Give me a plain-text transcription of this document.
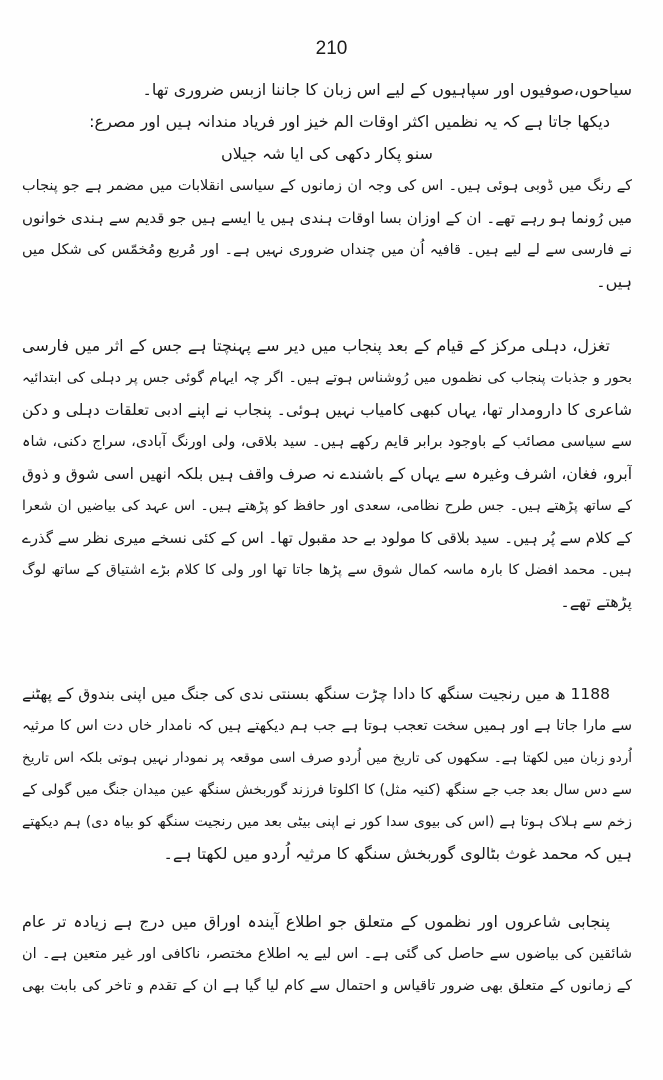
210
سیاحوں،صوفیوں اور سپاہیوں کے لیے اس زبان کا جاننا ازبس ضروری تھا۔
دیکھا جاتا ہے کہ یہ نظمیں اکثر اوقات الم خیز اور فریاد مندانہ ہیں اور مصرع:
سنو پکار دکھی کی ایا شہ جیلاں
کے رنگ میں ڈوبی ہوئی ہیں۔ اس کی وجہ ان زمانوں کے سیاسی انقلابات میں مضمر ہے جو پنجاب
میں رُونما ہو رہے تھے۔ ان کے اوزان بسا اوقات ہندی ہیں یا ایسے ہیں جو قدیم سے ہندی خوانوں
نے فارسی سے لے لیے ہیں۔ قافیہ اُن میں چنداں ضروری نہیں ہے۔ اور مُربع ومُخمّس کی شکل میں
ہیں۔
تغزل، دہلی مرکز کے قیام کے بعد پنجاب میں دیر سے پہنچتا ہے جس کے اثر میں فارسی
بحور و جذبات پنجاب کی نظموں میں رُوشناس ہوتے ہیں۔ اگر چہ ایہام گوئی جس پر دہلی کی ابتدائیہ
شاعری کا دارومدار تھا، یہاں کبھی کامیاب نہیں ہوئی۔ پنجاب نے اپنے ادبی تعلقات دہلی و دکن
سے سیاسی مصائب کے باوجود برابر قایم رکھے ہیں۔ سید بلاقی، ولی اورنگ آبادی، سراج دکنی، شاہ
آبرو، فغان، اشرف وغیرہ سے یہاں کے باشندے نہ صرف واقف ہیں بلکہ انھیں اسی شوق و ذوق
کے ساتھ پڑھتے ہیں۔ جس طرح نظامی، سعدی اور حافظ کو پڑھتے ہیں۔ اس عہد کی بیاضیں ان شعرا
کے کلام سے پُر ہیں۔ سید بلاقی کا مولود بے حد مقبول تھا۔ اس کے کئی نسخے میری نظر سے گذرے
ہیں۔ محمد افضل کا بارہ ماسہ کمال شوق سے پڑھا جاتا تھا اور ولی کا کلام بڑے اشتیاق کے ساتھ لوگ
پڑھتے تھے۔
1188 ھ میں رنجیت سنگھ کا دادا چڑت سنگھ بسنتی ندی کی جنگ میں اپنی بندوق کے پھٹنے
سے مارا جاتا ہے اور ہمیں سخت تعجب ہوتا ہے جب ہم دیکھتے ہیں کہ نامدار خاں دت اس کا مرثیہ
اُردو زبان میں لکھتا ہے۔ سکھوں کی تاریخ میں اُردو صرف اسی موقعہ پر نمودار نہیں ہوتی بلکہ اس تاریخ
سے دس سال بعد جب جے سنگھ (کنیہ مثل) کا اکلوتا فرزند گوربخش سنگھ عین میدان جنگ میں گولی کے
زخم سے ہلاک ہوتا ہے (اس کی بیوی سدا کور نے اپنی بیٹی بعد میں رنجیت سنگھ کو بیاہ دی) ہم دیکھتے
ہیں کہ محمد غوث بٹالوی گوربخش سنگھ کا مرثیہ اُردو میں لکھتا ہے۔
پنجابی شاعروں اور نظموں کے متعلق جو اطلاع آیندہ اوراق میں درج ہے زیادہ تر عام
شائقین کی بیاضوں سے حاصل کی گئی ہے۔ اس لیے یہ اطلاع مختصر، ناکافی اور غیر متعین ہے۔ ان
کے زمانوں کے متعلق بھی ضرور تاقیاس و احتمال سے کام لیا گیا ہے ان کے تقدم و تاخر کی بابت بھی
